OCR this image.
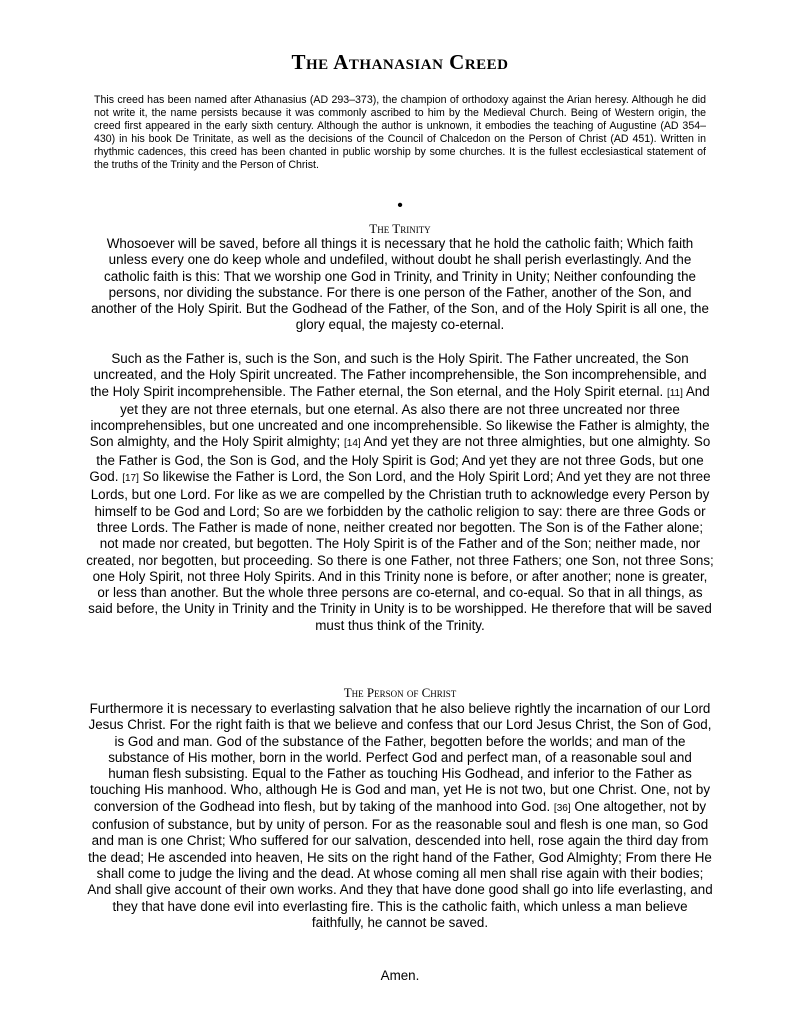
The Athanasian Creed

This creed has been named after Athanasius (AD 293–373), the champion of orthodoxy against the Arian heresy. Although he did not write it, the name persists because it was commonly ascribed to him by the Medieval Church. Being of Western origin, the creed first appeared in the early sixth century. Although the author is unknown, it embodies the teaching of Augustine (AD 354–430) in his book De Trinitate, as well as the decisions of the Council of Chalcedon on the Person of Christ (AD 451). Written in rhythmic cadences, this creed has been chanted in public worship by some churches. It is the fullest ecclesiastical statement of the truths of the Trinity and the Person of Christ.

•
The Trinity

Whosoever will be saved, before all things it is necessary that he hold the catholic faith; Which faith unless every one do keep whole and undefiled, without doubt he shall perish everlastingly. And the catholic faith is this: That we worship one God in Trinity, and Trinity in Unity; Neither confounding the persons, nor dividing the substance. For there is one person of the Father, another of the Son, and another of the Holy Spirit. But the Godhead of the Father, of the Son, and of the Holy Spirit is all one, the glory equal, the majesty co-eternal.

Such as the Father is, such is the Son, and such is the Holy Spirit. The Father uncreated, the Son uncreated, and the Holy Spirit uncreated. The Father incomprehensible, the Son incomprehensible, and the Holy Spirit incomprehensible. The Father eternal, the Son eternal, and the Holy Spirit eternal. [11] And yet they are not three eternals, but one eternal. As also there are not three uncreated nor three incomprehensibles, but one uncreated and one incomprehensible. So likewise the Father is almighty, the Son almighty, and the Holy Spirit almighty; [14] And yet they are not three almighties, but one almighty. So the Father is God, the Son is God, and the Holy Spirit is God; And yet they are not three Gods, but one God. [17] So likewise the Father is Lord, the Son Lord, and the Holy Spirit Lord; And yet they are not three Lords, but one Lord. For like as we are compelled by the Christian truth to acknowledge every Person by himself to be God and Lord; So are we forbidden by the catholic religion to say: there are three Gods or three Lords. The Father is made of none, neither created nor begotten. The Son is of the Father alone; not made nor created, but begotten. The Holy Spirit is of the Father and of the Son; neither made, nor created, nor begotten, but proceeding. So there is one Father, not three Fathers; one Son, not three Sons; one Holy Spirit, not three Holy Spirits. And in this Trinity none is before, or after another; none is greater, or less than another. But the whole three persons are co-eternal, and co-equal. So that in all things, as said before, the Unity in Trinity and the Trinity in Unity is to be worshipped. He therefore that will be saved must thus think of the Trinity.

The Person of Christ

Furthermore it is necessary to everlasting salvation that he also believe rightly the incarnation of our Lord Jesus Christ. For the right faith is that we believe and confess that our Lord Jesus Christ, the Son of God, is God and man. God of the substance of the Father, begotten before the worlds; and man of the substance of His mother, born in the world. Perfect God and perfect man, of a reasonable soul and human flesh subsisting. Equal to the Father as touching His Godhead, and inferior to the Father as touching His manhood. Who, although He is God and man, yet He is not two, but one Christ. One, not by conversion of the Godhead into flesh, but by taking of the manhood into God. [36] One altogether, not by confusion of substance, but by unity of person. For as the reasonable soul and flesh is one man, so God and man is one Christ; Who suffered for our salvation, descended into hell, rose again the third day from the dead; He ascended into heaven, He sits on the right hand of the Father, God Almighty; From there He shall come to judge the living and the dead. At whose coming all men shall rise again with their bodies; And shall give account of their own works. And they that have done good shall go into life everlasting, and they that have done evil into everlasting fire. This is the catholic faith, which unless a man believe faithfully, he cannot be saved.

Amen.
